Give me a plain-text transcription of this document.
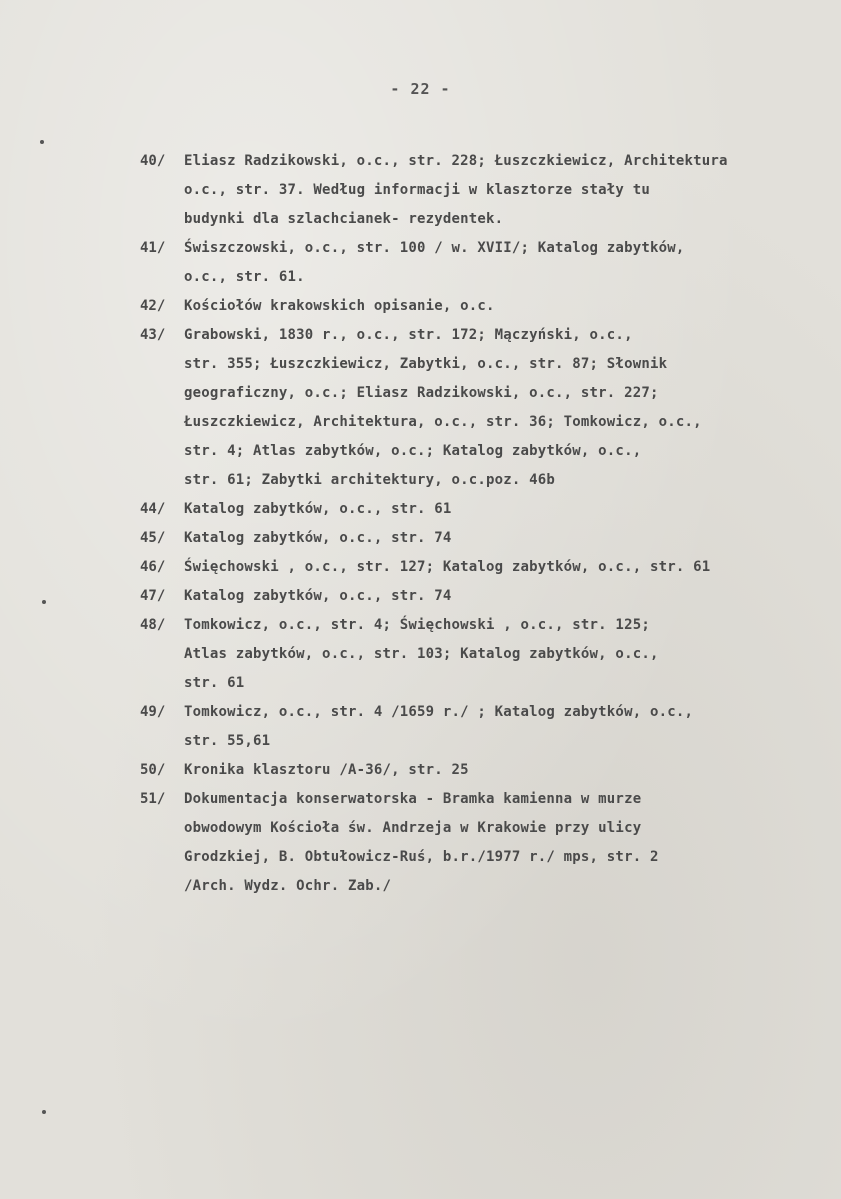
- 22 -
40/	Eliasz Radzikowski, o.c., str. 228; Łuszczkiewicz, Architektura
o.c., str. 37. Według informacji w klasztorze stały tu
budynki dla szlachcianek- rezydentek.
41/	Świszczowski, o.c., str. 100 / w. XVII/; Katalog zabytków,
o.c., str. 61.
42/	Kościołów krakowskich opisanie, o.c.
43/	Grabowski, 1830 r., o.c., str. 172; Mączyński, o.c.,
str. 355; Łuszczkiewicz, Zabytki, o.c., str. 87; Słownik
geograficzny, o.c.; Eliasz Radzikowski, o.c., str. 227;
Łuszczkiewicz, Architektura, o.c., str. 36; Tomkowicz, o.c.,
str. 4; Atlas zabytków, o.c.; Katalog zabytków, o.c.,
str. 61; Zabytki architektury, o.c.poz. 46b
44/	Katalog zabytków, o.c., str. 61
45/	Katalog zabytków, o.c., str. 74
46/	Święchowski , o.c., str. 127; Katalog zabytków, o.c., str. 61
47/	Katalog zabytków, o.c., str. 74
48/	Tomkowicz, o.c., str. 4; Święchowski , o.c., str. 125;
Atlas zabytków, o.c., str. 103; Katalog zabytków, o.c.,
str. 61
49/	Tomkowicz, o.c., str. 4 /1659 r./ ; Katalog zabytków, o.c.,
str. 55,61
50/	Kronika klasztoru /A-36/, str. 25
51/	Dokumentacja konserwatorska - Bramka kamienna w murze
obwodowym Kościoła św. Andrzeja w Krakowie przy ulicy
Grodzkiej, B. Obtułowicz-Ruś, b.r./1977 r./ mps, str. 2
/Arch. Wydz. Ochr. Zab./
